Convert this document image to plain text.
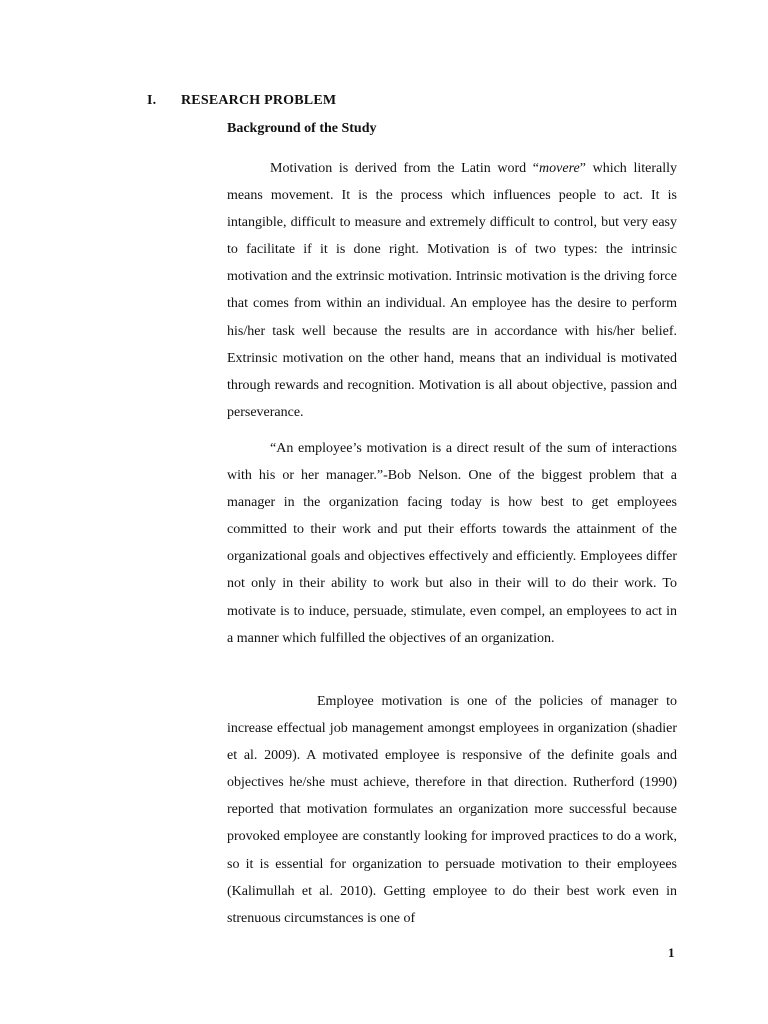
I. RESEARCH PROBLEM
Background of the Study

Motivation is derived from the Latin word “movere” which literally means movement. It is the process which influences people to act. It is intangible, difficult to measure and extremely difficult to control, but very easy to facilitate if it is done right. Motivation is of two types: the intrinsic motivation and the extrinsic motivation. Intrinsic motivation is the driving force that comes from within an individual. An employee has the desire to perform his/her task well because the results are in accordance with his/her belief. Extrinsic motivation on the other hand, means that an individual is motivated through rewards and recognition. Motivation is all about objective, passion and perseverance.

“An employee’s motivation is a direct result of the sum of interactions with his or her manager.”-Bob Nelson. One of the biggest problem that a manager in the organization facing today is how best to get employees committed to their work and put their efforts towards the attainment of the organizational goals and objectives effectively and efficiently. Employees differ not only in their ability to work but also in their will to do their work. To motivate is to induce, persuade, stimulate, even compel, an employees to act in a manner which fulfilled the objectives of an organization.

Employee motivation is one of the policies of manager to increase effectual job management amongst employees in organization (shadier et al. 2009). A motivated employee is responsive of the definite goals and objectives he/she must achieve, therefore in that direction. Rutherford (1990) reported that motivation formulates an organization more successful because provoked employee are constantly looking for improved practices to do a work, so it is essential for organization to persuade motivation to their employees (Kalimullah et al. 2010). Getting employee to do their best work even in strenuous circumstances is one of

1
